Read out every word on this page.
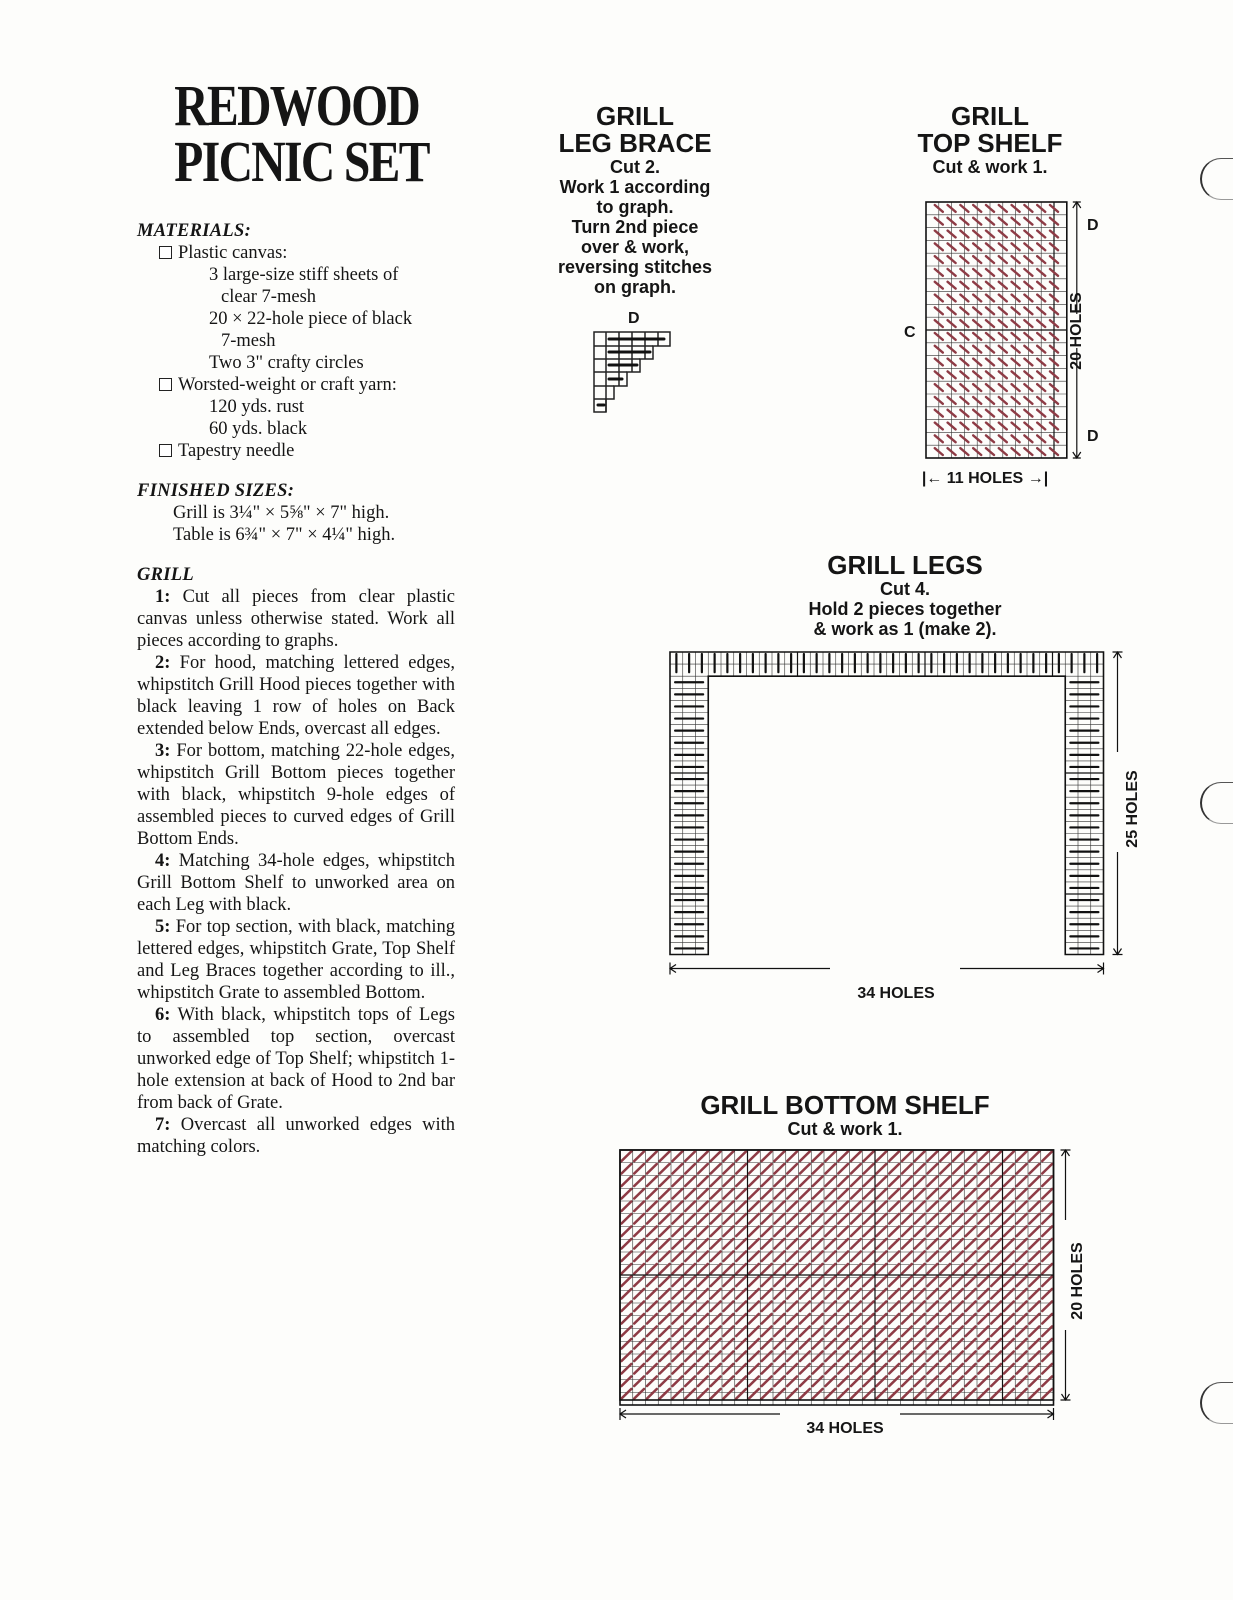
REDWOOD
PICNIC SET
MATERIALS:
Plastic canvas:
3 large-size stiff sheets of
clear 7-mesh
20 × 22-hole piece of black
7-mesh
Two 3" crafty circles
Worsted-weight or craft yarn:
120 yds. rust
60 yds. black
Tapestry needle
FINISHED SIZES:
Grill is 3¼" × 5⅝" × 7" high.
Table is 6¾" × 7" × 4¼" high.
GRILL
1: Cut all pieces from clear plastic canvas unless otherwise stated. Work all pieces according to graphs.
2: For hood, matching lettered edges, whipstitch Grill Hood pieces together with black leaving 1 row of holes on Back extended below Ends, overcast all edges.
3: For bottom, matching 22-hole edges, whipstitch Grill Bottom pieces together with black, whipstitch 9-hole edges of assembled pieces to curved edges of Grill Bottom Ends.
4: Matching 34-hole edges, whipstitch Grill Bottom Shelf to unworked area on each Leg with black.
5: For top section, with black, matching lettered edges, whipstitch Grate, Top Shelf and Leg Braces together according to ill., whipstitch Grate to assembled Bottom.
6: With black, whipstitch tops of Legs to assembled top section, overcast unworked edge of Top Shelf; whipstitch 1-hole extension at back of Hood to 2nd bar from back of Grate.
7: Overcast all unworked edges with matching colors.
GRILL
LEG BRACE
Cut 2.
Work 1 according
to graph.
Turn 2nd piece
over & work,
reversing stitches
on graph.
D
GRILL
TOP SHELF
Cut & work 1.
C
D
D
|← 11 HOLES →|
20 HOLES
GRILL LEGS
Cut 4.
Hold 2 pieces together
& work as 1 (make 2).
34 HOLES
25 HOLES
GRILL BOTTOM SHELF
Cut & work 1.
34 HOLES
20 HOLES
